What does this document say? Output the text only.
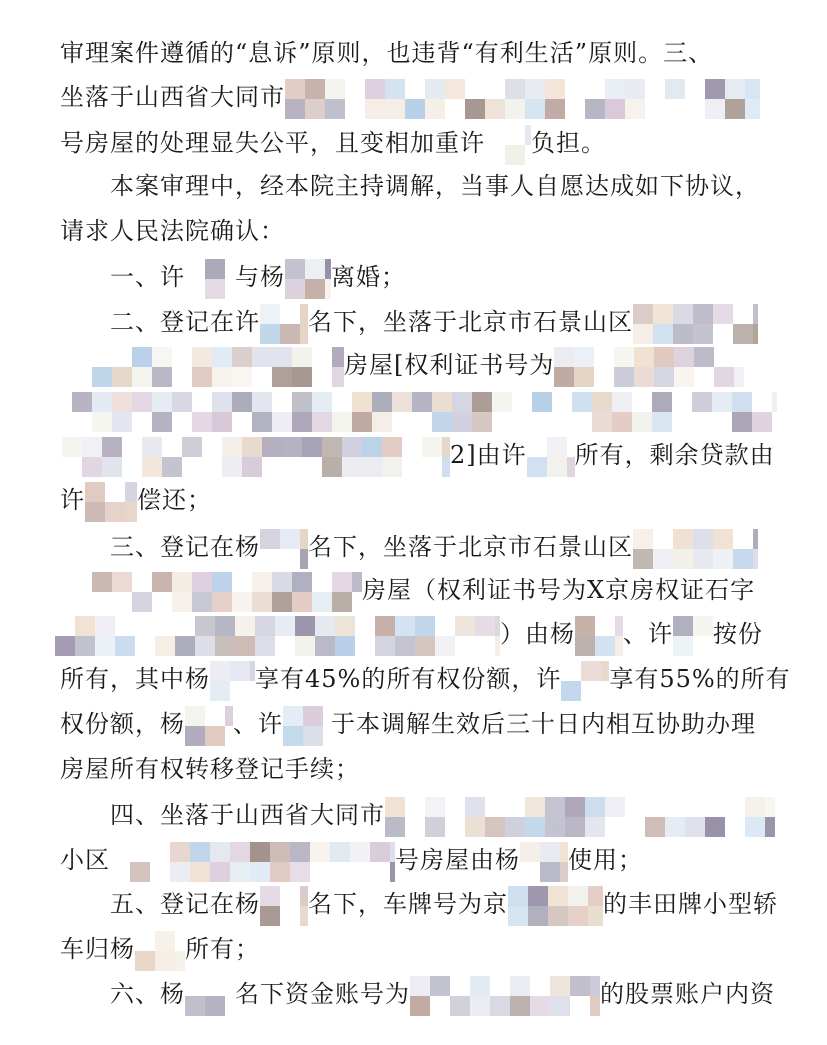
审理案件遵循的“息诉”原则，也违背“有利生活”原则。三、
坐落于山西省大同市
号房屋的处理显失公平，且变相加重许 负担。
本案审理中，经本院主持调解，当事人自愿达成如下协议，
请求人民法院确认：
一、许 与杨 离婚；
二、登记在许 名下，坐落于北京市石景山区
房屋[权利证书号为
2]由许 所有，剩余贷款由
许 偿还；
三、登记在杨 名下，坐落于北京市石景山区
房屋（权利证书号为X京房权证石字
）由杨 、许 按份
所有，其中杨 享有45%的所有权份额，许 享有55%的所有
权份额，杨 、许 于本调解生效后三十日内相互协助办理
房屋所有权转移登记手续；
四、坐落于山西省大同市
小区	号房屋由杨 使用；
五、登记在杨 名下，车牌号为京	的丰田牌小型轿
车归杨 所有；
六、杨 名下资金账号为	的股票账户内资
